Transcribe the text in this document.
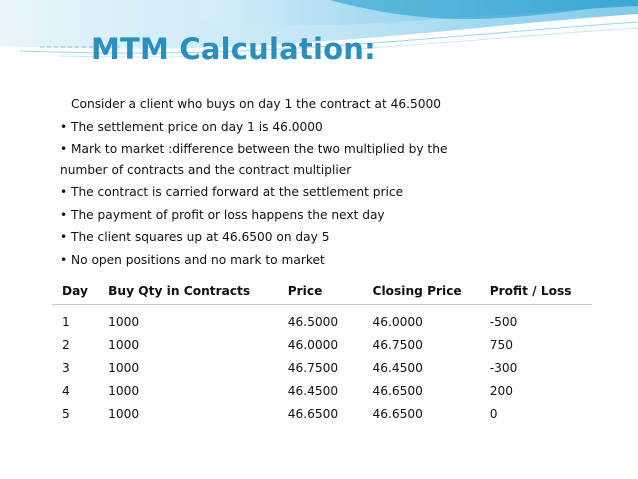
MTM Calculation:
Consider a client who buys on day 1 the contract at 46.5000
• The settlement price on day 1 is 46.0000
• Mark to market :difference between the two multiplied by the
number of contracts and the contract multiplier
• The contract is carried forward at the settlement price
• The payment of profit or loss happens the next day
• The client squares up at 46.6500 on day 5
• No open positions and no mark to market
Day	Buy Qty in Contracts	Price	Closing Price	Profit / Loss
1	1000	46.5000	46.0000	-500
2	1000	46.0000	46.7500	750
3	1000	46.7500	46.4500	-300
4	1000	46.4500	46.6500	200
5	1000	46.6500	46.6500	0
